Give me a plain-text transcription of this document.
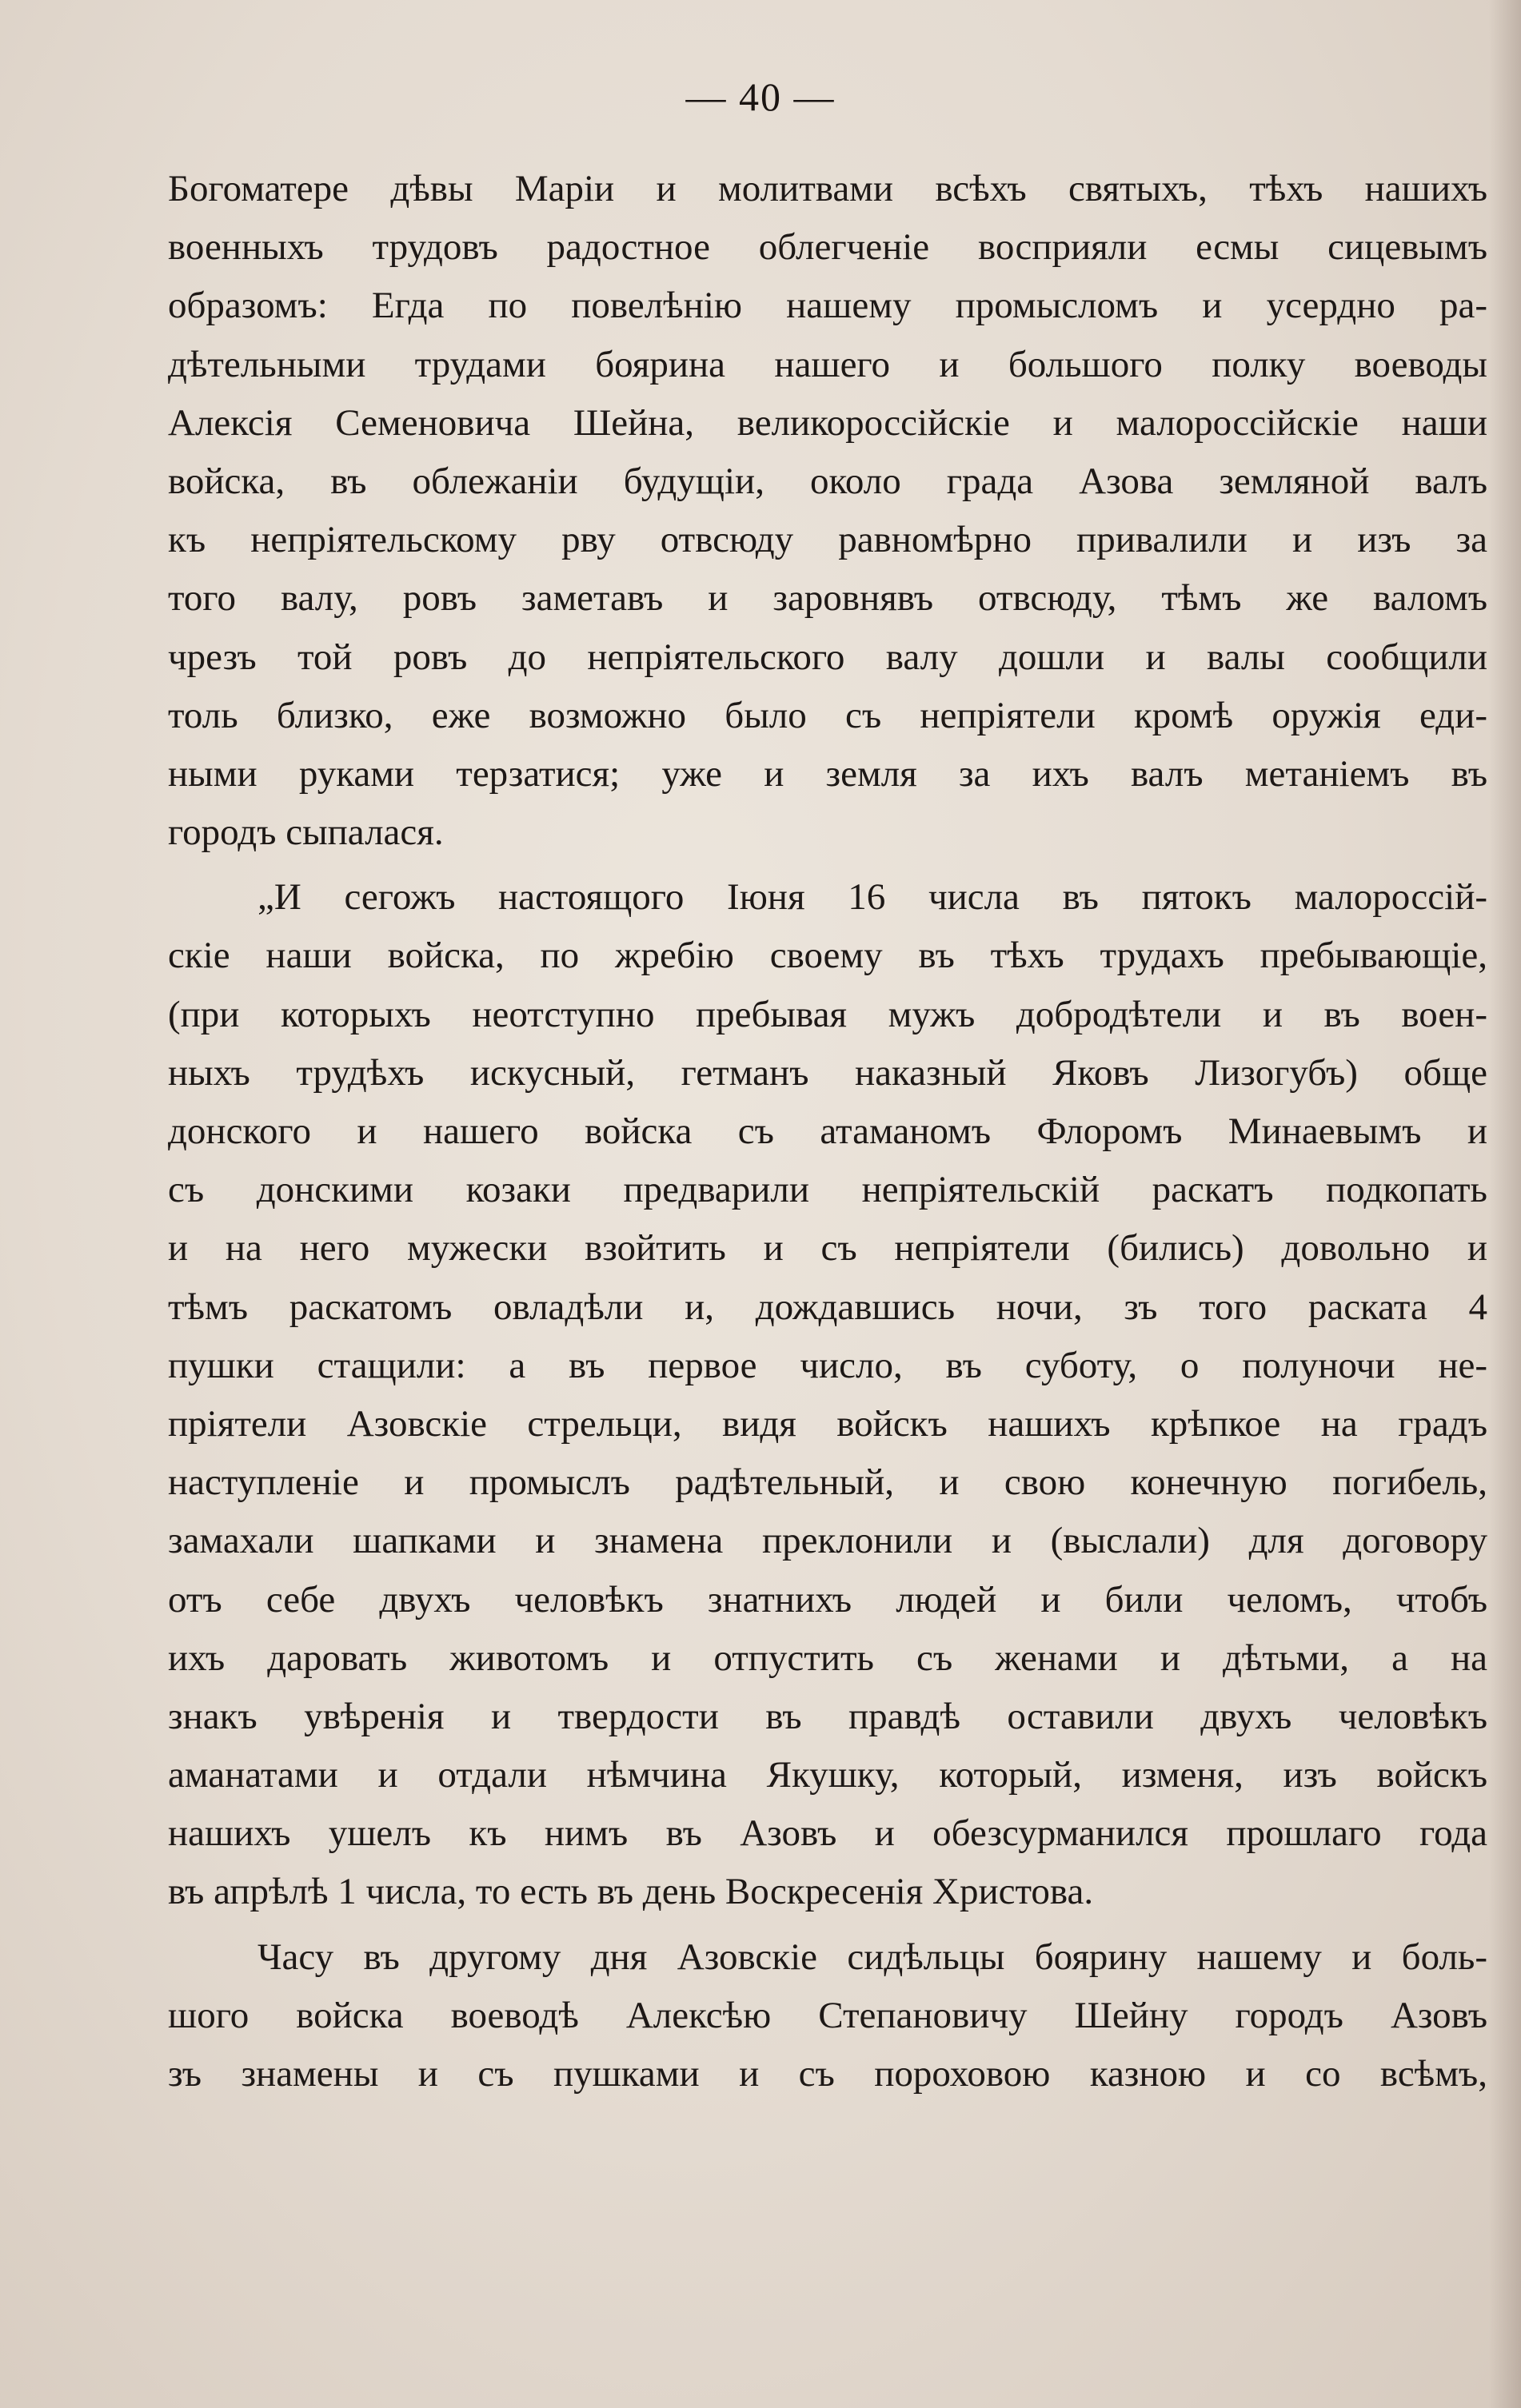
— 40 —
Богоматере дѣвы Маріи и молитвами всѣхъ святыхъ, тѣхъ нашихъ
военныхъ трудовъ радостное облегченіе восприяли есмы сицевымъ
образомъ: Егда по повелѣнію нашему промысломъ и усердно ра-
дѣтельными трудами боярина нашего и большого полку воеводы
Алексія Семеновича Шейна, великороссійскіе и малороссійскіе наши
войска, въ облежаніи будущіи, около града Азова земляной валъ
къ непріятельскому рву отвсюду равномѣрно привалили и изъ за
того валу, ровъ заметавъ и заровнявъ отвсюду, тѣмъ же валомъ
чрезъ той ровъ до непріятельского валу дошли и валы сообщили
толь близко, еже возможно было съ непріятели кромѣ оружія еди-
ными руками терзатися; уже и земля за ихъ валъ метаніемъ въ
городъ сыпалася.
„И сегожъ настоящого Іюня 16 числа въ пятокъ малороссій-
скіе наши войска, по жребію своему въ тѣхъ трудахъ пребывающіе,
(при которыхъ неотступно пребывая мужъ добродѣтели и въ воен-
ныхъ трудѣхъ искусный, гетманъ наказный Яковъ Лизогубъ) обще
донского и нашего войска съ атаманомъ Флоромъ Минаевымъ и
съ донскими козаки предварили непріятельскій раскатъ подкопать
и на него мужески взойтить и съ непріятели (бились) довольно и
тѣмъ раскатомъ овладѣли и, дождавшись ночи, зъ того раската 4
пушки стащили: а въ первое число, въ суботу, о полуночи не-
пріятели Азовскіе стрельци, видя войскъ нашихъ крѣпкое на градъ
наступленіе и промыслъ радѣтельный, и свою конечную погибель,
замахали шапками и знамена преклонили и (выслали) для договору
отъ себе двухъ человѣкъ знатнихъ людей и били челомъ, чтобъ
ихъ даровать животомъ и отпустить съ женами и дѣтьми, а на
знакъ увѣренія и твердости въ правдѣ оставили двухъ человѣкъ
аманатами и отдали нѣмчина Якушку, который, изменя, изъ войскъ
нашихъ ушелъ къ нимъ въ Азовъ и обезсурманился прошлаго года
въ апрѣлѣ 1 числа, то есть въ день Воскресенія Христова.
Часу въ другому дня Азовскіе сидѣльцы боярину нашему и боль-
шого войска воеводѣ Алексѣю Степановичу Шейну городъ Азовъ
зъ знамены и съ пушками и съ пороховою казною и со всѣмъ,
